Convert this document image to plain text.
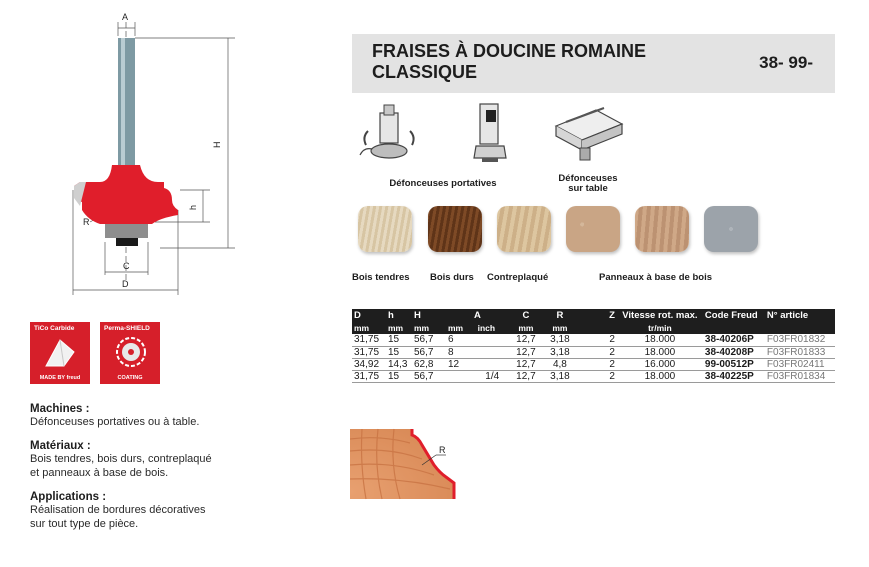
A
H
h
R
C
D
FRAISES À DOUCINE ROMAINE
CLASSIQUE	38- 99-
Défonceuses portatives	Défonceuses
sur table
Bois tendres Bois durs Contreplaqué	Panneaux à base de bois
D	h	H	A		C	R	Z	Vitesse rot. max.	Code Freud	N° article
mm	mm	mm	mm	inch	mm	mm		tr/min		
31,75	15	56,7	6		12,7	3,18	2	18.000	38-40206P	F03FR01832
31,75	15	56,7	8		12,7	3,18	2	18.000	38-40208P	F03FR01833
34,92	14,3	62,8	12		12,7	4,8	2	16.000	99-00512P	F03FR02411
31,75	15	56,7		1/4	12,7	3,18	2	18.000	38-40225P	F03FR01834
R
TiCo Carbide
MADE BY freud
Perma-SHIELD
COATING
Machines :
Défonceuses portatives ou à table.
Matériaux :
Bois tendres, bois durs, contreplaqué
et panneaux à base de bois.
Applications :
Réalisation de bordures décoratives
sur tout type de pièce.
